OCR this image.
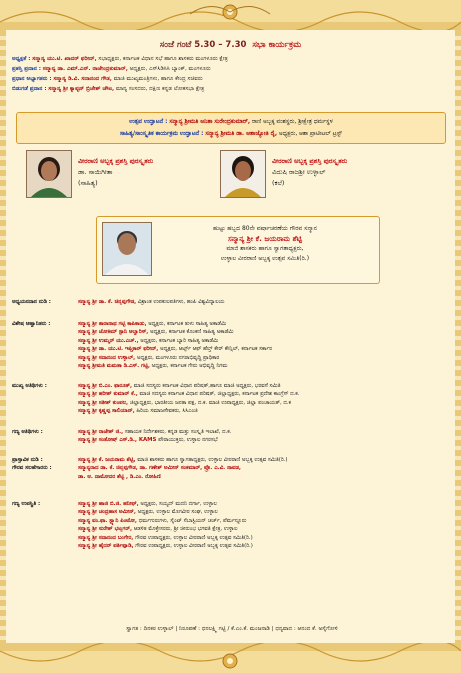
ಸಂಜೆ ಗಂಟೆ 5.30 – 7.30 ಸಭಾ ಕಾರ್ಯಕ್ರಮ
ಅಧ್ಯಕ್ಷತೆ : ಸನ್ಮಾನ್ಯ ಯು.ಟಿ. ಖಾದರ್ ಫರೀದ್, ಸಭಾಧ್ಯಕ್ಷರು, ಕರ್ನಾಟಕ ವಿಧಾನ ಸಭೆ ಹಾಗೂ ಶಾಸಕರು ಮಂಗಳೂರು ಕ್ಷೇತ್ರ
ಪ್ರಶಸ್ತಿ ಪ್ರದಾನ : ಸನ್ಮಾನ್ಯ ಡಾ. ಎಮ್.ಎನ್. ರಾಜೇಂದ್ರಕುಮಾರ್, ಅಧ್ಯಕ್ಷರು, ಎಸ್‌ಸಿಡಿಸಿಸಿ ಬ್ಯಾಂಕ್, ಮಂಗಳೂರು
ಪ್ರಧಾನ ಅಭ್ಯಾಗತರು : ಸನ್ಮಾನ್ಯ ಡಿ.ವಿ. ಸದಾನಂದ ಗೌಡ, ಮಾಜಿ ಮುಖ್ಯಮಂತ್ರಿಗಳು, ಹಾಗೂ ಕೇಂದ್ರ ಸಚಿವರು
ಬಿಡುಗಡೆ ಪ್ರದಾನ : ಸನ್ಮಾನ್ಯ ಶ್ರೀ ಕ್ಯಾಪ್ಟನ್ ಬ್ರಿಜೇಶ್ ಚೌಟ, ಮಾನ್ಯ ಸಂಸದರು, ದಕ್ಷಿಣ ಕನ್ನಡ ಲೋಕಸಭಾ ಕ್ಷೇತ್ರ
ಉತ್ಸವ ಉದ್ಘಾಟನೆ : ಸನ್ಮಾನ್ಯ ಶ್ರೀಮತಿ ಅನಿತಾ ಸುರೇಂದ್ರಕುಮಾರ್, ರಾಣಿ ಅಬ್ಬಕ್ಕ ವಂಶಸ್ಥರು, ಶ್ರೀಕ್ಷೇತ್ರ ಧರ್ಮಸ್ಥಳ
ಸಾಹಿತ್ಯ/ಸಾಂಸ್ಕೃತಿಕ ಕಾರ್ಯಕ್ರಮ ಉದ್ಘಾಟನೆ : ಸನ್ಮಾನ್ಯ ಶ್ರೀಮತಿ ಡಾ. ಆಶಾಜ್ಯೋತಿ ರೈ, ಅಧ್ಯಕ್ಷರು, ಆಶಾ ಪ್ರಾಟೀಟಲ್ ಟ್ರಸ್ಟ್
ವೀರರಾಣಿ ಅಬ್ಬಕ್ಕ ಪ್ರಶಸ್ತಿ ಪುರಸ್ಕೃತರು
ಡಾ. ಸಾಯಿಗೀತಾ
(ಸಾಹಿತ್ಯ)
ವೀರರಾಣಿ ಅಬ್ಬಕ್ಕ ಪ್ರಶಸ್ತಿ ಪುರಸ್ಕೃತರು
ವಿದುಷಿ ರಾಜಶ್ರೀ ಉಳ್ಳಾಲ್
(ಕಲೆ)
ಹುಟ್ಟು ಹಬ್ಬದ 80ನೇ ವರ್ಷಾಚರಣೆಯ ಗೌರವ ಸನ್ಮಾನ
ಸನ್ಮಾನ್ಯ ಶ್ರೀ ಕೆ. ಜಯರಾಮ ಶೆಟ್ಟಿ
ಮಾಜಿ ಶಾಸಕರು ಹಾಗೂ ಸ್ವಾಗತಾಧ್ಯಕ್ಷರು,
ಉಳ್ಳಾಲ ವೀರರಾಣಿ ಅಬ್ಬಕ್ಕ ಉತ್ಸವ ಸಮಿತಿ(ರಿ.)
ಅಧ್ಯಯನದಾನ ನುಡಿ :	ಸನ್ಮಾನ್ಯ ಶ್ರೀ ಡಾ. ಕೆ. ಚಿನ್ನಪ್ಪಗೌಡ, ವಿಶ್ರಾಂತ ಉಪಕುಲಪತಿಗಳು, ಹಂಪಿ ವಿಶ್ವವಿದ್ಯಾಲಯ
ವಿಶೇಷ ಆಹ್ವಾನಿತರು :	ಸನ್ಮಾನ್ಯ ಶ್ರೀ ತಾರಾನಾಥ ಗಟ್ಟಿ ಕಾಪಿಕಾಡು, ಅಧ್ಯಕ್ಷರು, ಕರ್ನಾಟಕ ತುಳು ಸಾಹಿತ್ಯ ಅಕಾಡೆಮಿ
ಸನ್ಮಾನ್ಯ ಶ್ರೀ ಜೋಕಿಮ್ ಸ್ಟಾನಿ ಆಲ್ವಾರಿಸ್, ಅಧ್ಯಕ್ಷರು, ಕರ್ನಾಟಕ ಕೊಂಕಣಿ ಸಾಹಿತ್ಯ ಅಕಾಡೆಮಿ
ಸನ್ಮಾನ್ಯ ಶ್ರೀ ಉಮ್ಮರ್ ಯು.ಎಚ್., ಅಧ್ಯಕ್ಷರು, ಕರ್ನಾಟಕ ಬ್ಯಾರಿ ಸಾಹಿತ್ಯ ಅಕಾಡೆಮಿ
ಸನ್ಮಾನ್ಯ ಶ್ರೀ ಡಾ. ಯು.ಟಿ. ಇಫ್ತಿಕಾರ್ ಫರೀದ್, ಅಧ್ಯಕ್ಷರು, ಆರ್ಟ್ಸ್ ಆಫ್ ಹೆಲ್ತ್ ಕೇರ್ ಕೌನ್ಸಿಲ್, ಕರ್ನಾಟಕ ಸರ್ಕಾರ
ಸನ್ಮಾನ್ಯ ಶ್ರೀ ಸದಾನಂದ ಉಳ್ಳಾಲ್, ಅಧ್ಯಕ್ಷರು, ಮಂಗಳೂರು ನಗರಾಭಿವೃದ್ಧಿ ಪ್ರಾಧಿಕಾರ
ಸನ್ಮಾನ್ಯ ಶ್ರೀಮತಿ ಮಮತಾ ಡಿ.ಎಸ್. ಗಟ್ಟಿ, ಅಧ್ಯಕ್ಷರು, ಕರ್ನಾಟಕ ಗೇರು ಅಭಿವೃದ್ಧಿ ನಿಗಮ
ಮುಖ್ಯ ಅತಿಥಿಗಳು :	ಸನ್ಮಾನ್ಯ ಶ್ರೀ ಬಿ.ಎಂ. ಫಾರೂಕ್, ಮಾಜಿ ಸದಸ್ಯರು ಕರ್ನಾಟಕ ವಿಧಾನ ಪರಿಷತ್,ಹಾಗೂ ಮಾಜಿ ಅಧ್ಯಕ್ಷರು, ಭರವಸೆ ಸಮಿತಿ
ಸನ್ಮಾನ್ಯ ಶ್ರೀ ಹರೀಶ್ ಕುಮಾರ್ ಕೆ., ಮಾಜಿ ಸದಸ್ಯರು ಕರ್ನಾಟಕ ವಿಧಾನ ಪರಿಷತ್, ಜಿಲ್ಲಾಧ್ಯಕ್ಷರು, ಕರ್ನಾಟಕ ಪ್ರದೇಶ ಕಾಂಗ್ರೆಸ್ ದ.ಕ.
ಸನ್ಮಾನ್ಯ ಶ್ರೀ ಸತೀಶ್ ಕುಂಪಲ, ಜಿಲ್ಲಾಧ್ಯಕ್ಷರು, ಭಾರತೀಯ ಜನತಾ ಪಕ್ಷ, ದ.ಕ. ಮಾಜಿ ಉಪಾಧ್ಯಕ್ಷರು, ಜಿಲ್ಲಾ ಪಂಚಾಯತ್, ದ.ಕ
ಸನ್ಮಾನ್ಯ ಶ್ರೀ ಕೃಷ್ಣಪ್ಪ ಸಾಲಿಯಾನ್, ಹಿರಿಯ ಸಮಾಜಸೇವಕರು, ಸಿಸಿಎಂಜಿ
ಗಣ್ಯ ಅತಿಥಿಗಳು :	ಸನ್ಮಾನ್ಯ ಶ್ರೀ ರಾಜೇಶ್ ಜಿ., ಸಹಾಯಕ ನಿರ್ದೇಶಕರು, ಕನ್ನಡ ಮತ್ತು ಸಂಸ್ಕೃತಿ ಇಲಾಖೆ, ದ.ಕ.
ಸನ್ಮಾನ್ಯ ಶ್ರೀ ಸಂತೋಷ್ ಎಸ್.ಡಿ., KAMS ಪೌರಾಯುಕ್ತರು, ಉಳ್ಳಾಲ ನಗರಸಭೆ
ಪ್ರಾಸ್ತಾವಿಕ ನುಡಿ :	ಸನ್ಮಾನ್ಯ ಶ್ರೀ ಕೆ. ಜಯರಾಮ ಶೆಟ್ಟಿ, ಮಾಜಿ ಶಾಸಕರು ಹಾಗೂ ಸ್ವಾಗತಾಧ್ಯಕ್ಷರು, ಉಳ್ಳಾಲ ವೀರರಾಣಿ ಅಬ್ಬಕ್ಕ ಉತ್ಸವ ಸಮಿತಿ(ರಿ.)
ಗೌರವ ಸಲಹೆಗಾರರು :	ಸನ್ಮಾನ್ಯರಾದ ಡಾ. ಕೆ. ಚಿನ್ನಪ್ಪಗೌಡ, ಡಾ. ಗಣೇಶ್ ಅಮೀನ್ ಸಂಕಮಾರ್, ಪ್ರೊ. ಎ.ವಿ. ನಾವಡ,
ಡಾ. ಆ. ದಾಮೋದರ ಶೆಟ್ಟಿ , ಡಿ.ಎಂ. ರೋಹಿಣಿ
ಗಣ್ಯ ಉಪಸ್ಥಿತಿ :	ಸನ್ಮಾನ್ಯ ಶ್ರೀ ಹಾಜಿ ಬಿ.ಜಿ. ಹನೀಫ್, ಅಧ್ಯಕ್ಷರು, ಸಯ್ಯದ್ ಮದನಿ ದರ್ಗಾ, ಉಳ್ಳಾಲ
ಸನ್ಮಾನ್ಯ ಶ್ರೀ ಚಂದ್ರಹಾಸ ಅಮೀನ್, ಅಧ್ಯಕ್ಷರು, ಉಳ್ಳಾಲ ಮೊಗವೀರ ಸಂಘ, ಉಳ್ಳಾಲ
ಸನ್ಮಾನ್ಯ ವಂ.ಫಾ. ಸ್ಟ್ಯಾನಿ ಪಿಂಟೋ, ಧರ್ಮಗುರುಗಳು, ಸೈಂಟ್ ಸೆಬಾಸ್ಟಿಯನ್ ಚರ್ಚ್, ಪೆರ್ಮನ್ನೂರು
ಸನ್ಮಾನ್ಯ ಶ್ರೀ ಸುರೇಶ್ ಭಟ್ನಗರ್, ಆಡಳಿತ ಮೊಕ್ತೇಸರರು, ಶ್ರೀ ಚೀರುಂಭ ಭಗವತಿ ಕ್ಷೇತ್ರ, ಉಳ್ಳಾಲ
ಸನ್ಮಾನ್ಯ ಶ್ರೀ ಸದಾನಂದ ಬಂಗೇರ, ಗೌರವ ಉಪಾಧ್ಯಕ್ಷರು, ಉಳ್ಳಾಲ ವೀರರಾಣಿ ಅಬ್ಬಕ್ಕ ಉತ್ಸವ ಸಮಿತಿ(ರಿ.)
ಸನ್ಮಾನ್ಯ ಶ್ರೀ ಹೈದರ್ ಪರ್ತಿಪ್ಪಾಡಿ, ಗೌರವ ಉಪಾಧ್ಯಕ್ಷರು, ಉಳ್ಳಾಲ ವೀರರಾಣಿ ಅಬ್ಬಕ್ಕ ಉತ್ಸವ ಸಮಿತಿ(ರಿ.)
ಸ್ವಾಗತ : ದಿನಕರ ಉಳ್ಳಾಲ್ | ನಿರೂಪಣೆ : ಧನಲಕ್ಷ್ಮಿ ಗಟ್ಟಿ / ಕೆ.ಎಂ.ಕೆ. ಮಂಜನಾಡಿ | ಧನ್ಯವಾದ : ಆನಂದ ಕೆ. ಅಸೈಗೋಳಿ
